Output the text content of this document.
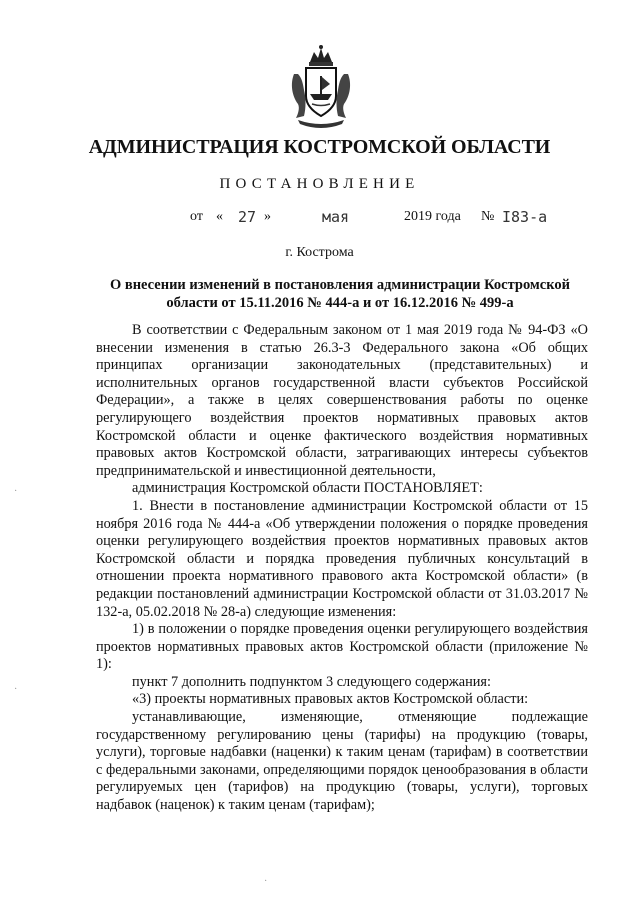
АДМИНИСТРАЦИЯ КОСТРОМСКОЙ ОБЛАСТИ
ПОСТАНОВЛЕНИЕ
от « 27 »	мая	2019 года № I83-а
г. Кострома
О внесении изменений в постановления администрации Костромской области от 15.11.2016 № 444-а и от 16.12.2016 № 499-а

В соответствии с Федеральным законом от 1 мая 2019 года № 94-ФЗ «О внесении изменения в статью 26.3-3 Федерального закона «Об общих принципах организации законодательных (представительных) и исполнительных органов государственной власти субъектов Российской Федерации», а также в целях совершенствования работы по оценке регулирующего воздействия проектов нормативных правовых актов Костромской области и оценке фактического воздействия нормативных правовых актов Костромской области, затрагивающих интересы субъектов предпринимательской и инвестиционной деятельности,

администрация Костромской области ПОСТАНОВЛЯЕТ:

1. Внести в постановление администрации Костромской области от 15 ноября 2016 года № 444-а «Об утверждении положения о порядке проведения оценки регулирующего воздействия проектов нормативных правовых актов Костромской области и порядка проведения публичных консультаций в отношении проекта нормативного правового акта Костромской области» (в редакции постановлений администрации Костромской области от 31.03.2017 № 132-а, 05.02.2018 № 28-а) следующие изменения:

1) в положении о порядке проведения оценки регулирующего воздействия проектов нормативных правовых актов Костромской области (приложение № 1):

пункт 7 дополнить подпунктом 3 следующего содержания:

«3) проекты нормативных правовых актов Костромской области:

устанавливающие, изменяющие, отменяющие подлежащие государственному регулированию цены (тарифы) на продукцию (товары, услуги), торговые надбавки (наценки) к таким ценам (тарифам) в соответствии с федеральными законами, определяющими порядок ценообразования в области регулируемых цен (тарифов) на продукцию (товары, услуги), торговых надбавок (наценок) к таким ценам (тарифам);

·
·
·
